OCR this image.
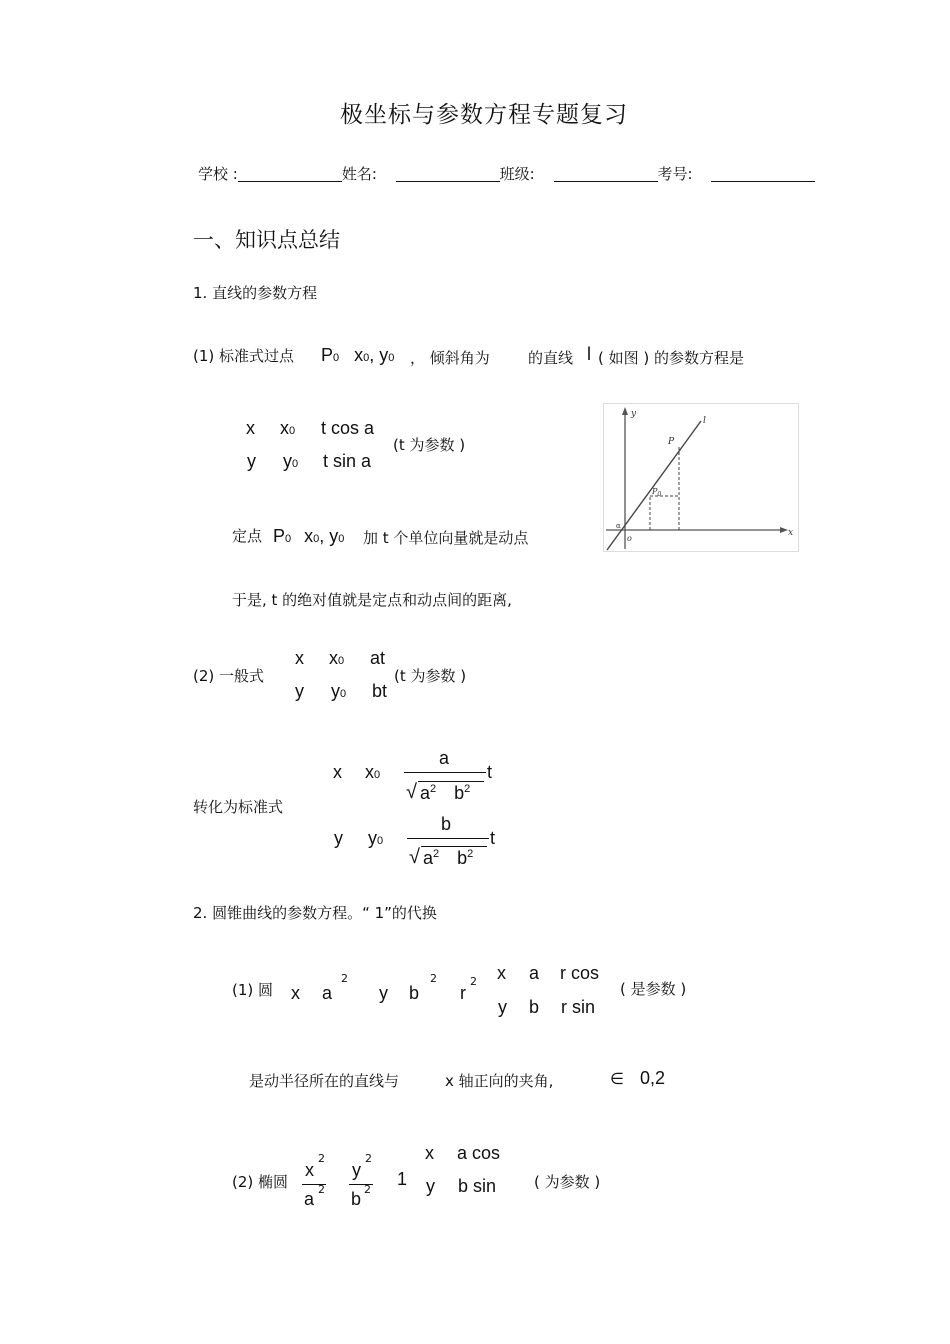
极坐标与参数方程专题复习
学校 :	姓名:	班级:	考号:
一、知识点总结
1. 直线的参数方程
(1) 标准式过点 P0 x0, y0 ， 倾斜角为	的直线 l ( 如图 ) 的参数方程是
x x0 t cos a
y y0 t sin a
(t 为参数 )
y
x
l
P
$P_0$
o
α
定点 P0 x0, y0 加 t 个单位向量就是动点
于是, t 的绝对值就是定点和动点间的距离,
(2) 一般式
x x0 at
y y0 bt
(t 为参数 )
转化为标准式
x x0
a
√ $a^2$ $b^2$
t
y y0
b
√ $a^2$ $b^2$
t
2. 圆锥曲线的参数方程。“ 1”的代换
(1) 圆 x a
2
y b
2
r
2 x a r cos
y b r sin
( 是参数 )
是动半径所在的直线与	x 轴正向的夹角,	∈ 0,2
(2) 椭圆
x
2
a 2
y
2
b 2
1
x a cos
y b sin	( 为参数 )
